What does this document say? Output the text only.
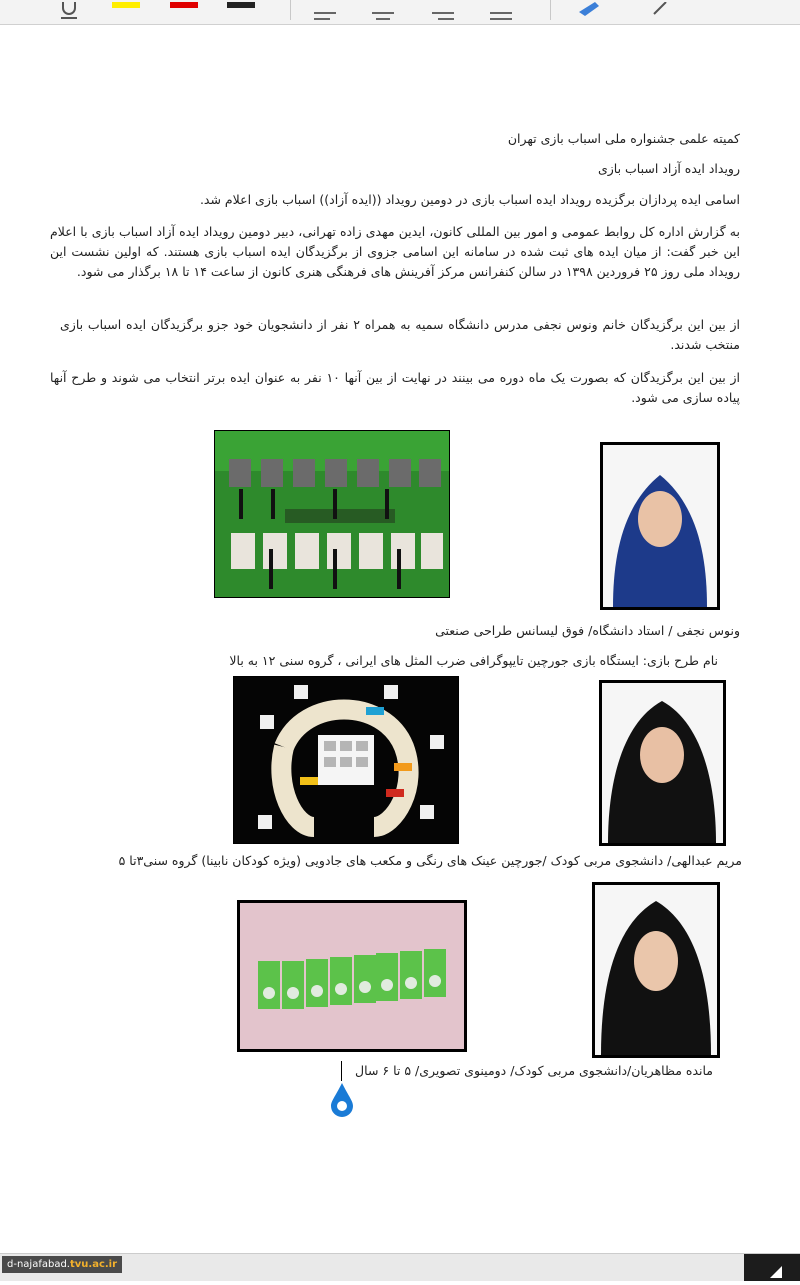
کمیته علمی جشنواره ملی اسباب بازی تهران
رویداد ایده آزاد اسباب بازی
اسامی ایده پردازان برگزیده رویداد ایده اسباب بازی در دومین رویداد ((ایده آزاد)) اسباب بازی اعلام شد.
به گزارش اداره کل روابط عمومی و امور بین المللی کانون، ایدین مهدی زاده تهرانی، دبیر دومین رویداد ایده آزاد اسباب بازی با اعلام این خبر گفت: از میان ایده های ثبت شده در سامانه این اسامی جزوی از برگزیدگان ایده اسباب بازی هستند. که اولین نشست این رویداد ملی روز ۲۵ فروردین ۱۳۹۸ در سالن کنفرانس مرکز آفرینش های فرهنگی هنری کانون از ساعت ۱۴ تا ۱۸ برگذار می شود.
از بین این برگزیدگان خانم ونوس نجفی مدرس دانشگاه سمیه به همراه ۲ نفر از دانشجویان خود جزو برگزیدگان ایده اسباب بازی منتخب شدند.
از بین این برگزیدگان که بصورت یک ماه دوره می بینند در نهایت از بین آنها ۱۰ نفر به عنوان ایده برتر انتخاب می شوند و طرح آنها پیاده سازی می شود.
ونوس نجفی / استاد دانشگاه/ فوق لیسانس طراحی صنعتی
نام طرح بازی: ایستگاه بازی جورچین تایپوگرافی ضرب المثل های ایرانی ، گروه سنی ۱۲ به بالا
مریم عبدالهی/ دانشجوی مربی کودک /جورچین عینک های رنگی و مکعب های جادویی (ویژه کودکان نابینا) گروه سنی۳تا ۵
مانده مظاهریان/دانشجوی مربی کودک/ دومینوی تصویری/ ۵ تا ۶ سال
d-najafabad.tvu.ac.ir
